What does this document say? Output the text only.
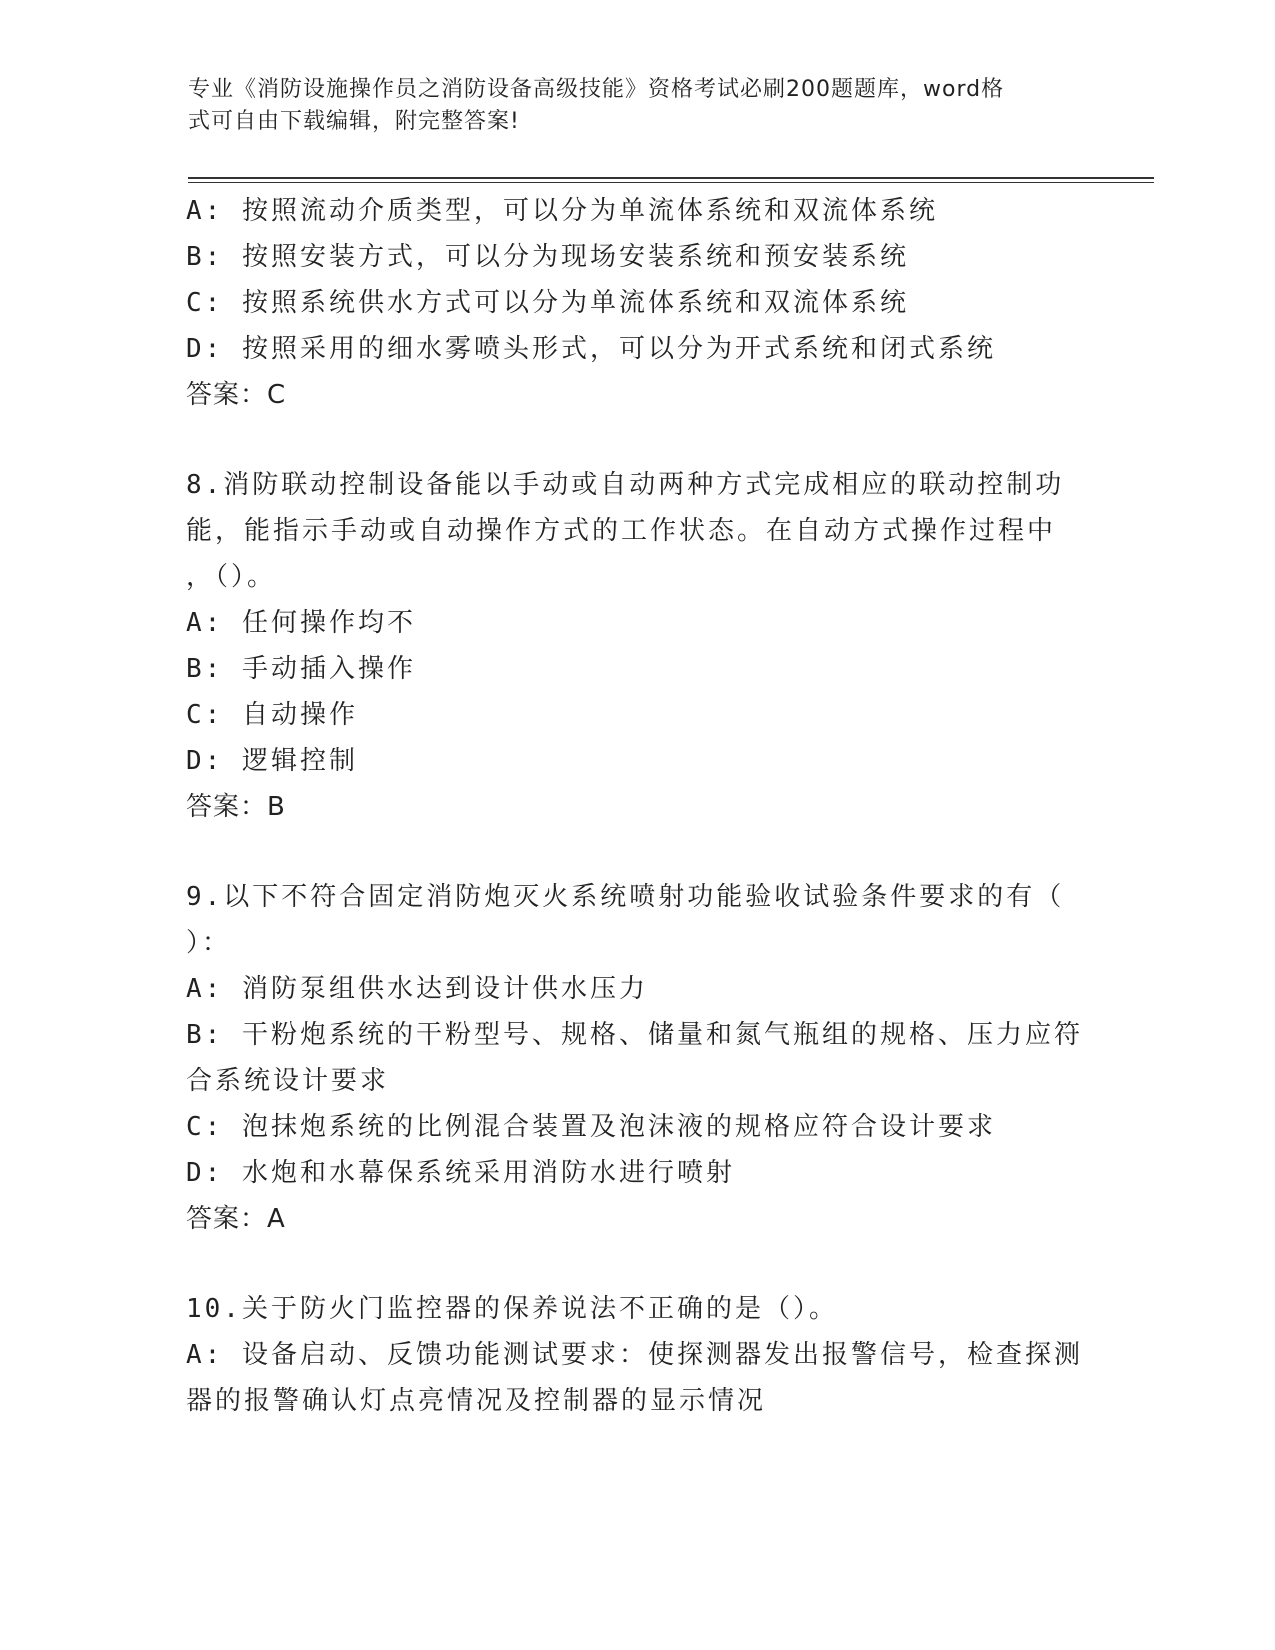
专业《消防设施操作员之消防设备高级技能》资格考试必刷200题题库，word格
式可自由下载编辑，附完整答案!
A: 按照流动介质类型，可以分为单流体系统和双流体系统
B: 按照安装方式，可以分为现场安装系统和预安装系统
C: 按照系统供水方式可以分为单流体系统和双流体系统
D: 按照采用的细水雾喷头形式，可以分为开式系统和闭式系统
答案：C
8.消防联动控制设备能以手动或自动两种方式完成相应的联动控制功
能，能指示手动或自动操作方式的工作状态。在自动方式操作过程中
，（）。
A: 任何操作均不
B: 手动插入操作
C: 自动操作
D: 逻辑控制
答案：B
9.以下不符合固定消防炮灭火系统喷射功能验收试验条件要求的有（
）：
A: 消防泵组供水达到设计供水压力
B: 干粉炮系统的干粉型号、规格、储量和氮气瓶组的规格、压力应符
合系统设计要求
C: 泡抹炮系统的比例混合装置及泡沫液的规格应符合设计要求
D: 水炮和水幕保系统采用消防水进行喷射
答案：A
10.关于防火门监控器的保养说法不正确的是（）。
A: 设备启动、反馈功能测试要求：使探测器发出报警信号，检查探测
器的报警确认灯点亮情况及控制器的显示情况
